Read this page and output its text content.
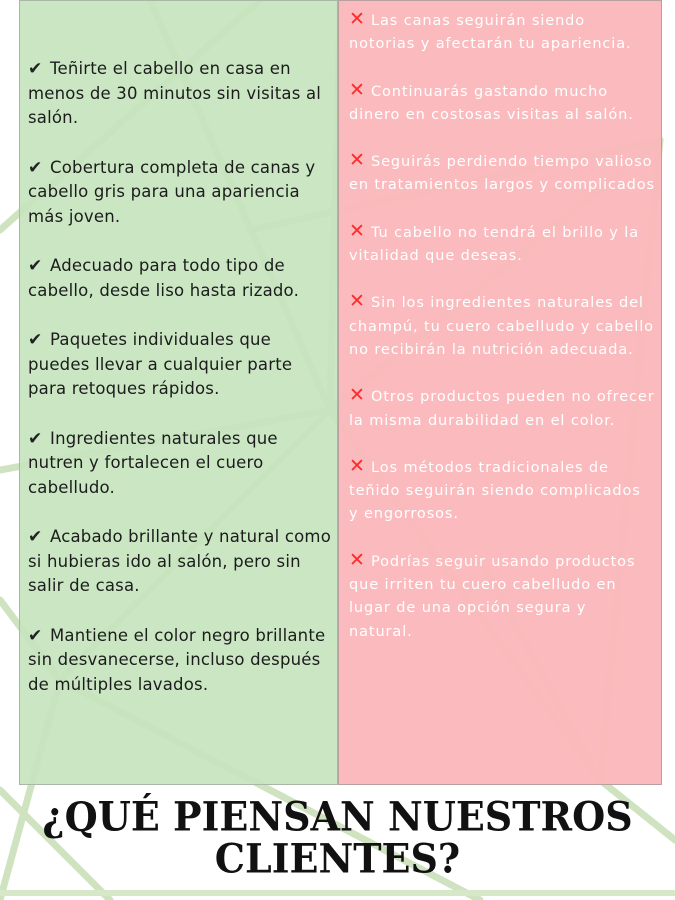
✔ Teñirte el cabello en casa en menos de 30 minutos sin visitas al salón.
✔ Cobertura completa de canas y cabello gris para una apariencia más joven.
✔ Adecuado para todo tipo de cabello, desde liso hasta rizado.
✔ Paquetes individuales que puedes llevar a cualquier parte para retoques rápidos.
✔ Ingredientes naturales que nutren y fortalecen el cuero cabelludo.
✔ Acabado brillante y natural como si hubieras ido al salón, pero sin salir de casa.
✔ Mantiene el color negro brillante sin desvanecerse, incluso después de múltiples lavados.
✕ Las canas seguirán siendo notorias y afectarán tu apariencia.
✕ Continuarás gastando mucho dinero en costosas visitas al salón.
✕ Seguirás perdiendo tiempo valioso en tratamientos largos y complicados
✕ Tu cabello no tendrá el brillo y la vitalidad que deseas.
✕ Sin los ingredientes naturales del champú, tu cuero cabelludo y cabello no recibirán la nutrición adecuada.
✕ Otros productos pueden no ofrecer la misma durabilidad en el color.
✕ Los métodos tradicionales de teñido seguirán siendo complicados y engorrosos.
✕ Podrías seguir usando productos que irriten tu cuero cabelludo en lugar de una opción segura y natural.
¿QUÉ PIENSAN NUESTROS
CLIENTES?
